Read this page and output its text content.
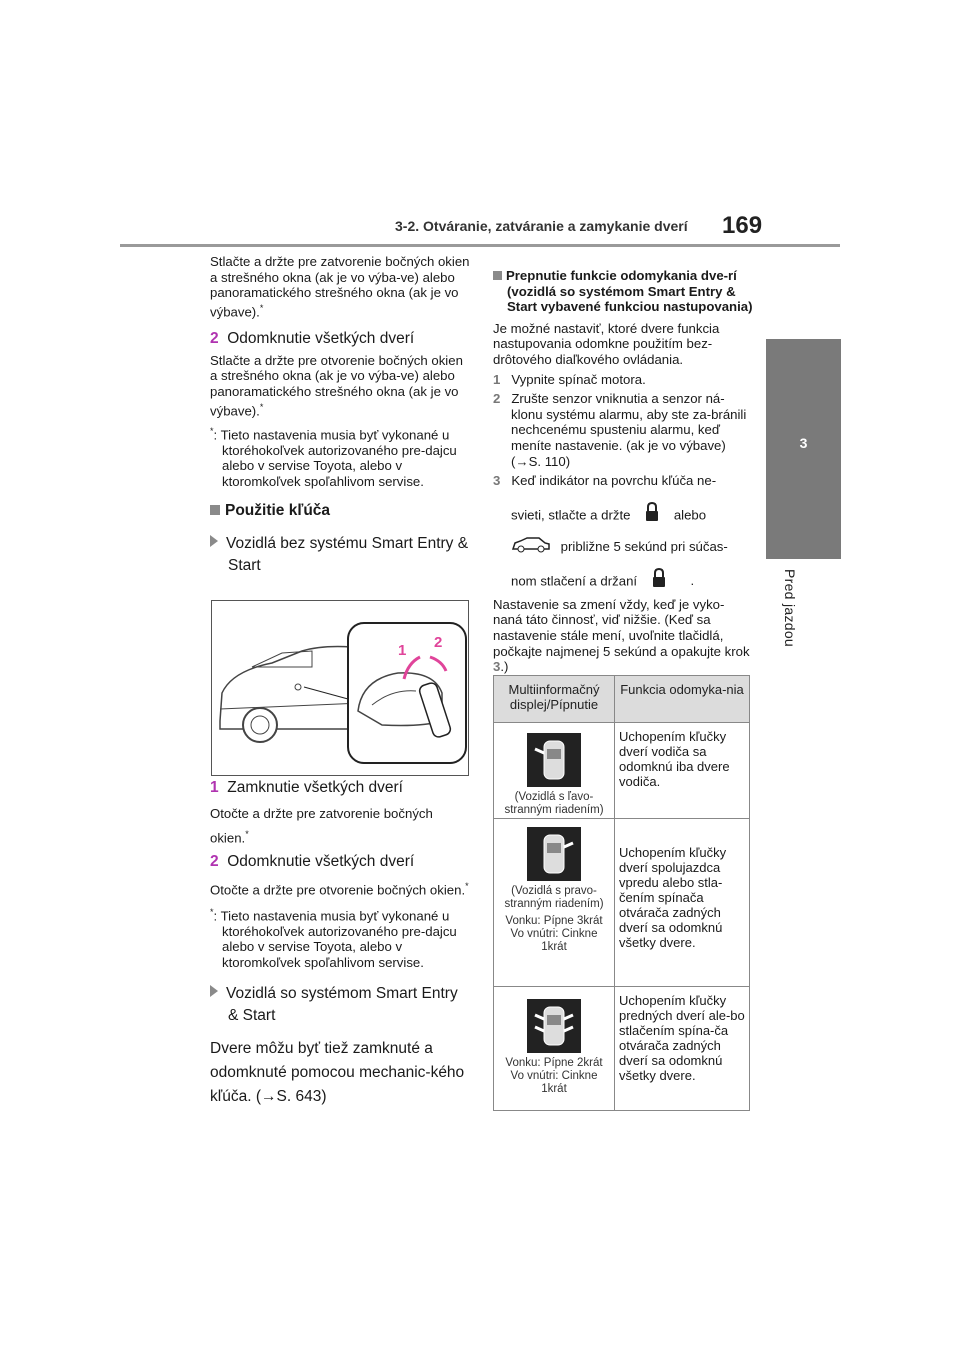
3-2. Otváranie, zatváranie a zamykanie dverí 169
3
Pred jazdou

Stlačte a držte pre zatvorenie bočných okien a strešného okna (ak je vo výba-ve) alebo panoramatického strešného okna (ak je vo výbave).*

2 Odomknutie všetkých dverí

Stlačte a držte pre otvorenie bočných okien a strešného okna (ak je vo výba-ve) alebo panoramatického strešného okna (ak je vo výbave).*

*: Tieto nastavenia musia byť vykonané u ktoréhokoľvek autorizovaného pre-dajcu alebo v servise Toyota, alebo v ktoromkoľvek spoľahlivom servise.

Použitie kľúča

Vozidlá bez systému Smart Entry & Start

1 2

1 Zamknutie všetkých dverí

Otočte a držte pre zatvorenie bočných okien.*

2 Odomknutie všetkých dverí

Otočte a držte pre otvorenie bočných okien.*

*: Tieto nastavenia musia byť vykonané u ktoréhokoľvek autorizovaného pre-dajcu alebo v servise Toyota, alebo v ktoromkoľvek spoľahlivom servise.

Vozidlá so systémom Smart Entry & Start

Dvere môžu byť tiež zamknuté a odomknuté pomocou mechanic-kého kľúča. (→S. 643)

Prepnutie funkcie odomykania dve-rí (vozidlá so systémom Smart Entry & Start vybavené funkciou nastupovania)

Je možné nastaviť, ktoré dvere funkcia nastupovania odomkne použitím bez-drôtového diaľkového ovládania.

1 Vypnite spínač motora.

2 Zrušte senzor vniknutia a senzor ná-klonu systému alarmu, aby ste za-bránili nechcenému spusteniu alarmu, keď meníte nastavenie. (ak je vo výbave) (→S. 110)

3 Keď indikátor na povrchu kľúča ne-

svieti, stlačte a držte	alebo

približne 5 sekúnd pri súčas-

nom stlačení a držaní	.

Nastavenie sa zmení vždy, keď je vyko-naná táto činnosť, viď nižšie. (Keď sa nastavenie stále mení, uvoľnite tlačidlá, počkajte najmenej 5 sekúnd a opakujte krok 3.)

Multiinformačný displej/Pípnutie	Funkcia odomyka-nia

(Vozidlá s ľavo-stranným riadením)	Uchopením kľučky dverí vodiča sa odomknú iba dvere vodiča.

(Vozidlá s pravo-stranným riadením)
Vonku: Pípne 3krát
Vo vnútri: Cinkne 1krát	Uchopením kľučky dverí spolujazdca vpredu alebo stla-čením spínača otvárača zadných dverí sa odomknú všetky dvere.

Vonku: Pípne 2krát
Vo vnútri: Cinkne 1krát	Uchopením kľučky predných dverí ale-bo stlačením spína-ča otvárača zadných dverí sa odomknú všetky dvere.
